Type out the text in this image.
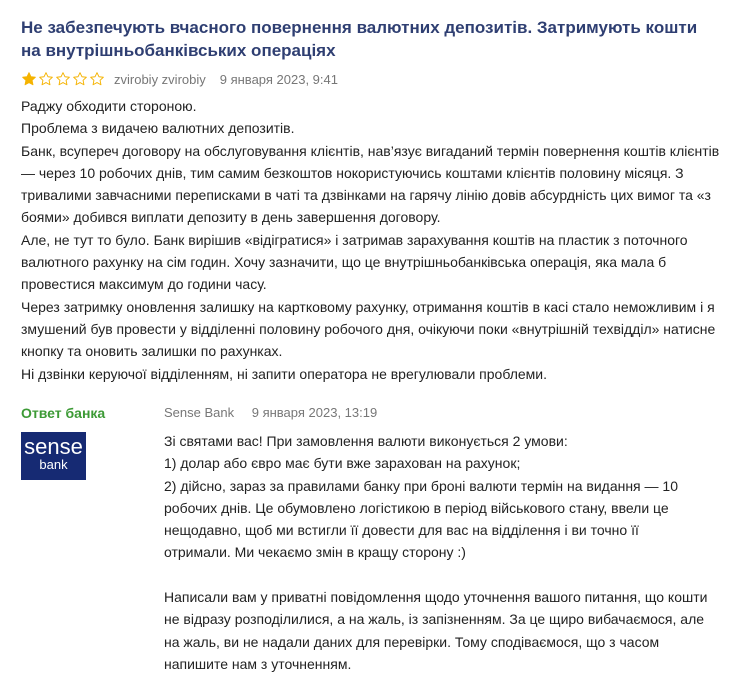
Не забезпечують вчасного повернення валютних депозитів. Затримують кошти на внутрішньобанківських операціях
zvirobiy zvirobiy 9 января 2023, 9:41

Раджу обходити стороною.

Проблема з видачею валютних депозитів.

Банк, всупереч договору на обслуговування клієнтів, нав’язує вигаданий термін повернення коштів клієнтів — через 10 робочих днів, тим самим безкоштов нокористуючись коштами клієнтів половину місяця. З тривалими завчасними переписками в чаті та дзвінками на гарячу лінію довів абсурдність цих вимог та «з боями» добився виплати депозиту в день завершення договору.

Але, не тут то було. Банк вирішив «відігратися» і затримав зарахування коштів на пластик з поточного валютного рахунку на сім годин. Хочу зазначити, що це внутрішньобанківська операція, яка мала б провестися максимум до години часу.

Через затримку оновлення залишку на картковому рахунку, отримання коштів в касі стало неможливим і я змушений був провести у відділенні половину робочого дня, очікуючи поки «внутрішній техвідділ» натисне кнопку та оновить залишки по рахунках.

Ні дзвінки керуючої відділенням, ні запити оператора не врегулювали проблеми.

Ответ банка	Sense Bank 9 января 2023, 13:19
sense
bank

Зі святами вас! При замовлення валюти виконується 2 умови:

1) долар або євро має бути вже зарахован на рахунок;

2) дійсно, зараз за правилами банку при броні валюти термін на видання — 10 робочих днів. Це обумовлено логістикою в період військового стану, ввели це нещодавно, щоб ми встигли її довести для вас на відділення і ви точно її отримали. Ми чекаємо змін в кращу сторону :)

Написали вам у приватні повідомлення щодо уточнення вашого питання, що кошти не відразу розподілилися, а на жаль, із запізненням. За це щиро вибачаємося, але на жаль, ви не надали даних для перевірки. Тому сподіваємося, що з часом напишите нам з уточненням.
